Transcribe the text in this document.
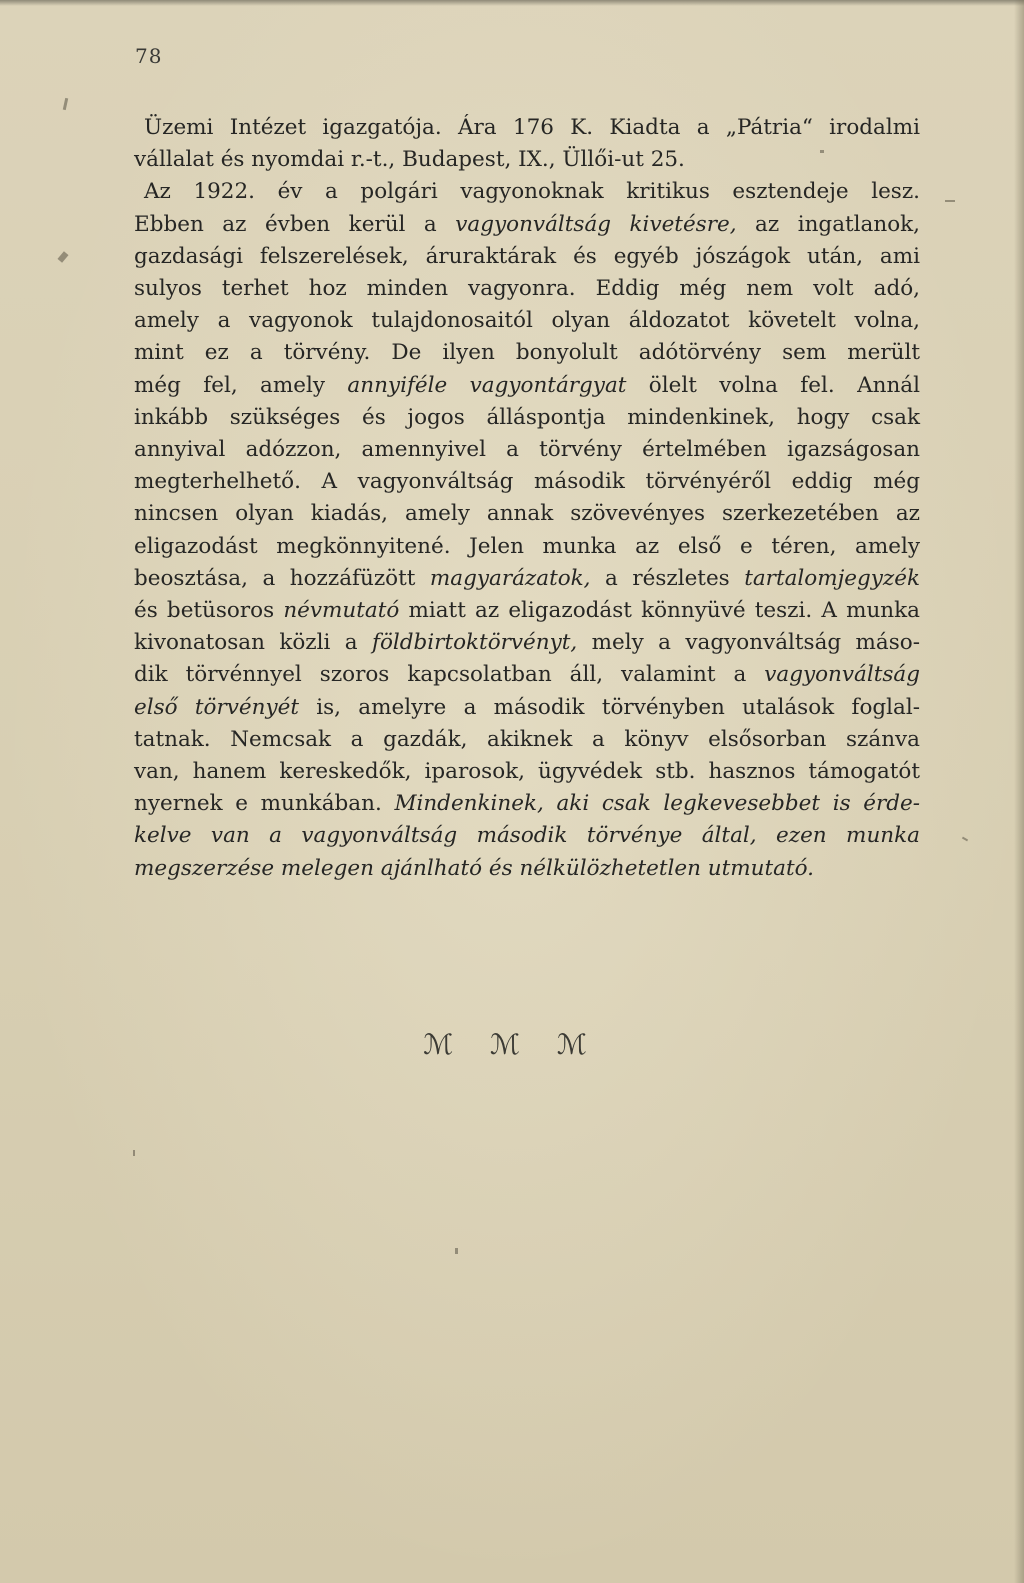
78
Üzemi Intézet igazgatója. Ára 176 K. Kiadta a „Pátria“ irodalmi
vállalat és nyomdai r.-t., Budapest, IX., Üllői-ut 25.
Az 1922. év a polgári vagyonoknak kritikus esztendeje lesz.
Ebben az évben kerül a vagyonváltság kivetésre, az ingatlanok,
gazdasági felszerelések, áruraktárak és egyéb jószágok után, ami
sulyos terhet hoz minden vagyonra. Eddig még nem volt adó,
amely a vagyonok tulajdonosaitól olyan áldozatot követelt volna,
mint ez a törvény. De ilyen bonyolult adótörvény sem merült
még fel, amely annyiféle vagyontárgyat ölelt volna fel. Annál
inkább szükséges és jogos álláspontja mindenkinek, hogy csak
annyival adózzon, amennyivel a törvény értelmében igazságosan
megterhelhető. A vagyonváltság második törvényéről eddig még
nincsen olyan kiadás, amely annak szövevényes szerkezetében az
eligazodást megkönnyitené. Jelen munka az első e téren, amely
beosztása, a hozzáfüzött magyarázatok, a részletes tartalomjegyzék
és betüsoros névmutató miatt az eligazodást könnyüvé teszi. A munka
kivonatosan közli a földbirtoktörvényt, mely a vagyonváltság máso-
dik törvénnyel szoros kapcsolatban áll, valamint a vagyonváltság
első törvényét is, amelyre a második törvényben utalások foglal-
tatnak. Nemcsak a gazdák, akiknek a könyv elsősorban szánva
van, hanem kereskedők, iparosok, ügyvédek stb. hasznos támogatót
nyernek e munkában. Mindenkinek, aki csak legkevesebbet is érde-
kelve van a vagyonváltság második törvénye által, ezen munka
megszerzése melegen ajánlható és nélkülözhetetlen utmutató.
ℳ ℳ ℳ
